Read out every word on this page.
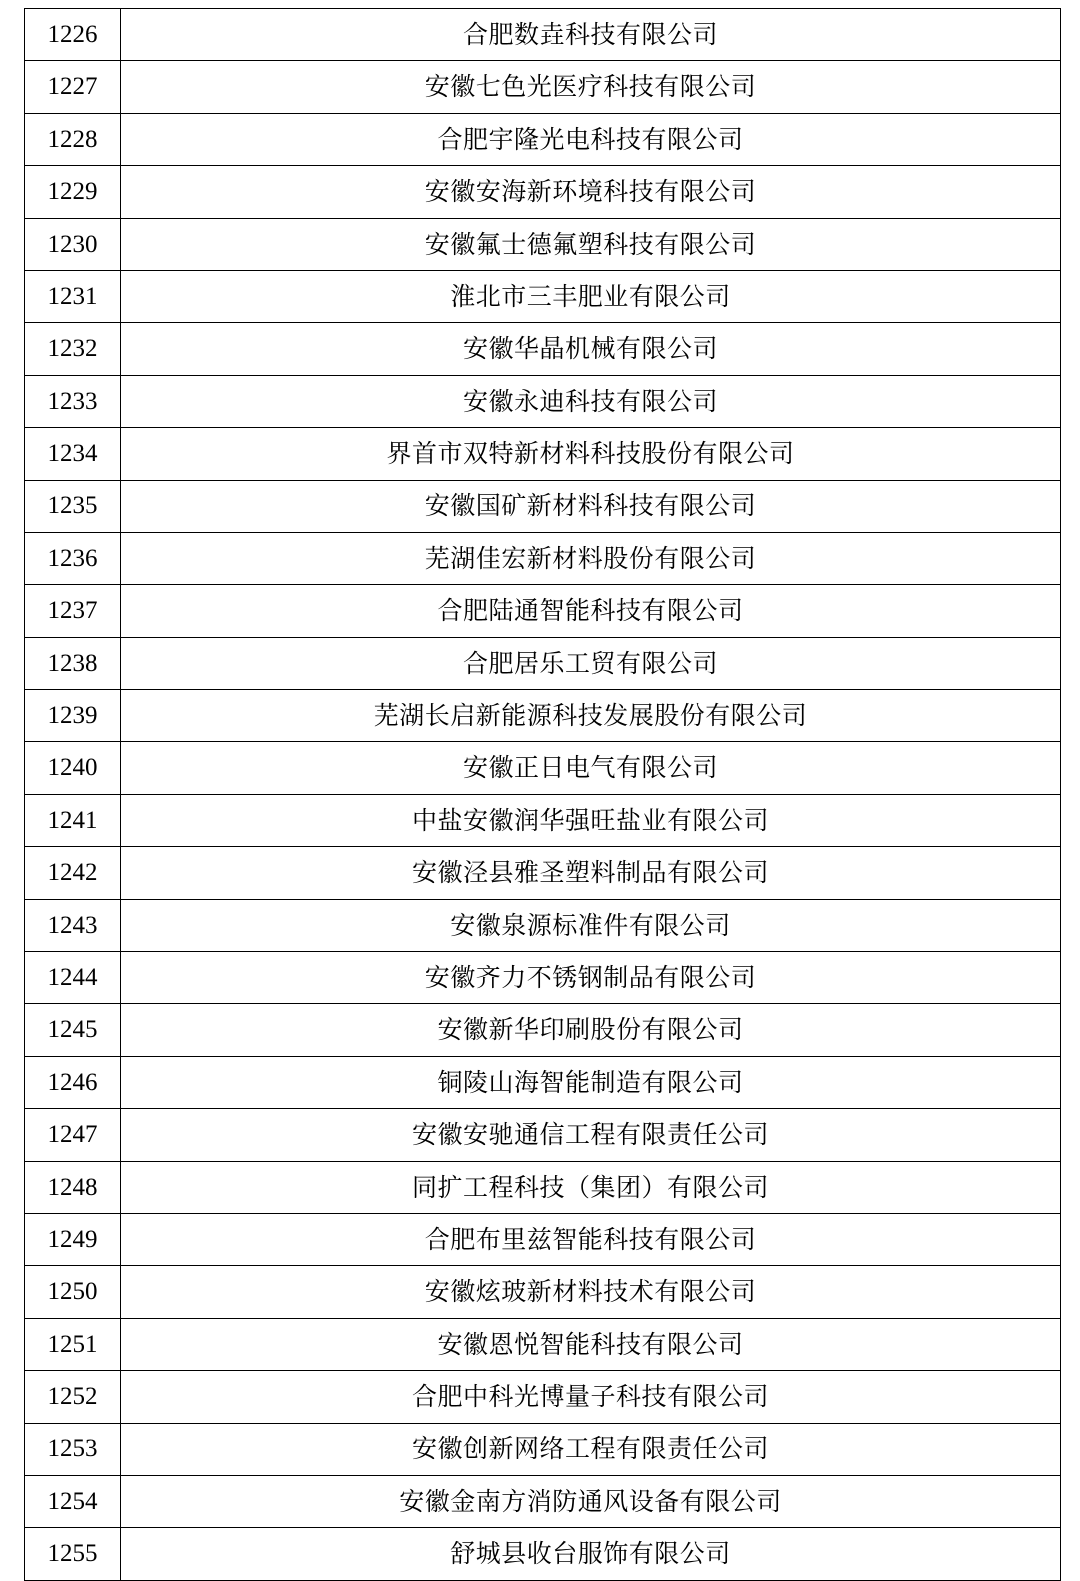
1226	合肥数垚科技有限公司
1227	安徽七色光医疗科技有限公司
1228	合肥宇隆光电科技有限公司
1229	安徽安海新环境科技有限公司
1230	安徽氟士德氟塑科技有限公司
1231	淮北市三丰肥业有限公司
1232	安徽华晶机械有限公司
1233	安徽永迪科技有限公司
1234	界首市双特新材料科技股份有限公司
1235	安徽国矿新材料科技有限公司
1236	芜湖佳宏新材料股份有限公司
1237	合肥陆通智能科技有限公司
1238	合肥居乐工贸有限公司
1239	芜湖长启新能源科技发展股份有限公司
1240	安徽正日电气有限公司
1241	中盐安徽润华强旺盐业有限公司
1242	安徽泾县雅圣塑料制品有限公司
1243	安徽泉源标准件有限公司
1244	安徽齐力不锈钢制品有限公司
1245	安徽新华印刷股份有限公司
1246	铜陵山海智能制造有限公司
1247	安徽安驰通信工程有限责任公司
1248	同扩工程科技（集团）有限公司
1249	合肥布里兹智能科技有限公司
1250	安徽炫玻新材料技术有限公司
1251	安徽恩悦智能科技有限公司
1252	合肥中科光博量子科技有限公司
1253	安徽创新网络工程有限责任公司
1254	安徽金南方消防通风设备有限公司
1255	舒城县收台服饰有限公司
